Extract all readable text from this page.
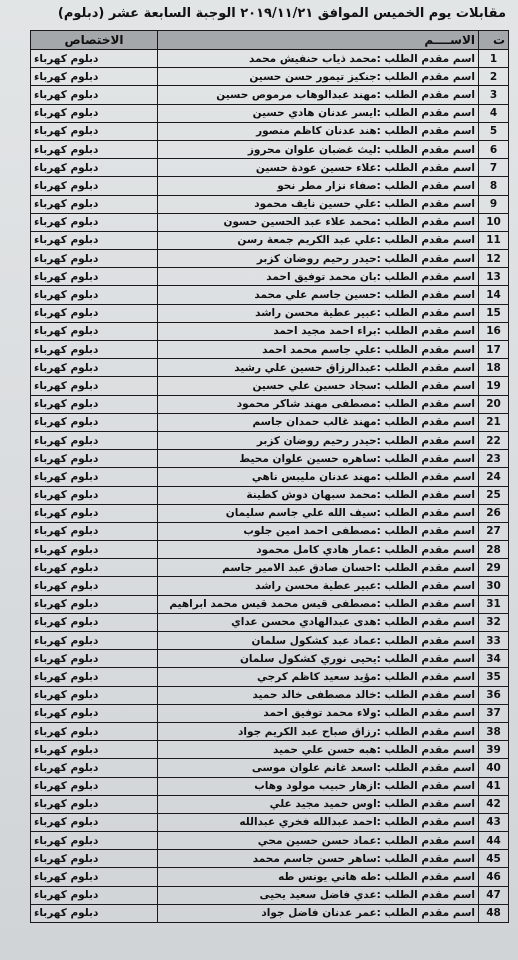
مقابلات يوم الخميس الموافق ٢٠١٩/١١/٢١ الوجبة السابعة عشر (دبلوم)
ت	الاســــم	الاختصاص
1	اسم مقدم الطلب :محمد ذياب حنفيش محمد	دبلوم كهرباء
2	اسم مقدم الطلب :جنكيز تيمور حسن حسين	دبلوم كهرباء
3	اسم مقدم الطلب :مهند عبدالوهاب مرموص حسين	دبلوم كهرباء
4	اسم مقدم الطلب :ايسر عدنان هادي حسين	دبلوم كهرباء
5	اسم مقدم الطلب :هند عدنان كاظم منصور	دبلوم كهرباء
6	اسم مقدم الطلب :ليث غضبان علوان محروز	دبلوم كهرباء
7	اسم مقدم الطلب :علاء حسين عودة حسين	دبلوم كهرباء
8	اسم مقدم الطلب :صفاء نزار مطر نحو	دبلوم كهرباء
9	اسم مقدم الطلب :علي حسين نايف محمود	دبلوم كهرباء
10	اسم مقدم الطلب :محمد علاء عبد الحسين حسون	دبلوم كهرباء
11	اسم مقدم الطلب :علي عبد الكريم جمعة رسن	دبلوم كهرباء
12	اسم مقدم الطلب :حيدر رحيم روضان كزبر	دبلوم كهرباء
13	اسم مقدم الطلب :بان محمد توفيق احمد	دبلوم كهرباء
14	اسم مقدم الطلب :حسين جاسم علي محمد	دبلوم كهرباء
15	اسم مقدم الطلب :عبير عطية محسن راشد	دبلوم كهرباء
16	اسم مقدم الطلب :براء احمد مجيد احمد	دبلوم كهرباء
17	اسم مقدم الطلب :علي جاسم محمد احمد	دبلوم كهرباء
18	اسم مقدم الطلب :عبدالرزاق حسين علي رشيد	دبلوم كهرباء
19	اسم مقدم الطلب :سجاد حسين علي حسين	دبلوم كهرباء
20	اسم مقدم الطلب :مصطفى مهند شاكر محمود	دبلوم كهرباء
21	اسم مقدم الطلب :مهند غالب حمدان جاسم	دبلوم كهرباء
22	اسم مقدم الطلب :حيدر رحيم روضان كزبر	دبلوم كهرباء
23	اسم مقدم الطلب :ساهره حسين علوان محيط	دبلوم كهرباء
24	اسم مقدم الطلب :مهند عدنان مليبس ناهي	دبلوم كهرباء
25	اسم مقدم الطلب :محمد سبهان دوش كطينة	دبلوم كهرباء
26	اسم مقدم الطلب :سيف الله علي جاسم سليمان	دبلوم كهرباء
27	اسم مقدم الطلب :مصطفى احمد امين جلوب	دبلوم كهرباء
28	اسم مقدم الطلب :عمار هادي كامل محمود	دبلوم كهرباء
29	اسم مقدم الطلب :احسان صادق عبد الامير جاسم	دبلوم كهرباء
30	اسم مقدم الطلب :عبير عطية محسن راشد	دبلوم كهرباء
31	اسم مقدم الطلب :مصطفى قيس محمد قيس محمد ابراهيم	دبلوم كهرباء
32	اسم مقدم الطلب :هدى عبدالهادي محسن عداي	دبلوم كهرباء
33	اسم مقدم الطلب :عماد عبد كشكول سلمان	دبلوم كهرباء
34	اسم مقدم الطلب :يحيى نوري كشكول سلمان	دبلوم كهرباء
35	اسم مقدم الطلب :مؤيد سعيد كاظم كرجي	دبلوم كهرباء
36	اسم مقدم الطلب :خالد مصطفى خالد حميد	دبلوم كهرباء
37	اسم مقدم الطلب :ولاء محمد توفيق احمد	دبلوم كهرباء
38	اسم مقدم الطلب :رزاق صباح عبد الكريم جواد	دبلوم كهرباء
39	اسم مقدم الطلب :هبه حسن علي حميد	دبلوم كهرباء
40	اسم مقدم الطلب :اسعد غانم علوان موسى	دبلوم كهرباء
41	اسم مقدم الطلب :ازهار حبيب مولود وهاب	دبلوم كهرباء
42	اسم مقدم الطلب :اوس حميد مجيد علي	دبلوم كهرباء
43	اسم مقدم الطلب :احمد عبدالله فخري عبدالله	دبلوم كهرباء
44	اسم مقدم الطلب :عماد حسن حسين محي	دبلوم كهرباء
45	اسم مقدم الطلب :ساهر حسن جاسم محمد	دبلوم كهرباء
46	اسم مقدم الطلب :طه هاني يونس طه	دبلوم كهرباء
47	اسم مقدم الطلب :عدي فاضل سعيد يحيى	دبلوم كهرباء
48	اسم مقدم الطلب :عمر عدنان فاضل جواد	دبلوم كهرباء
